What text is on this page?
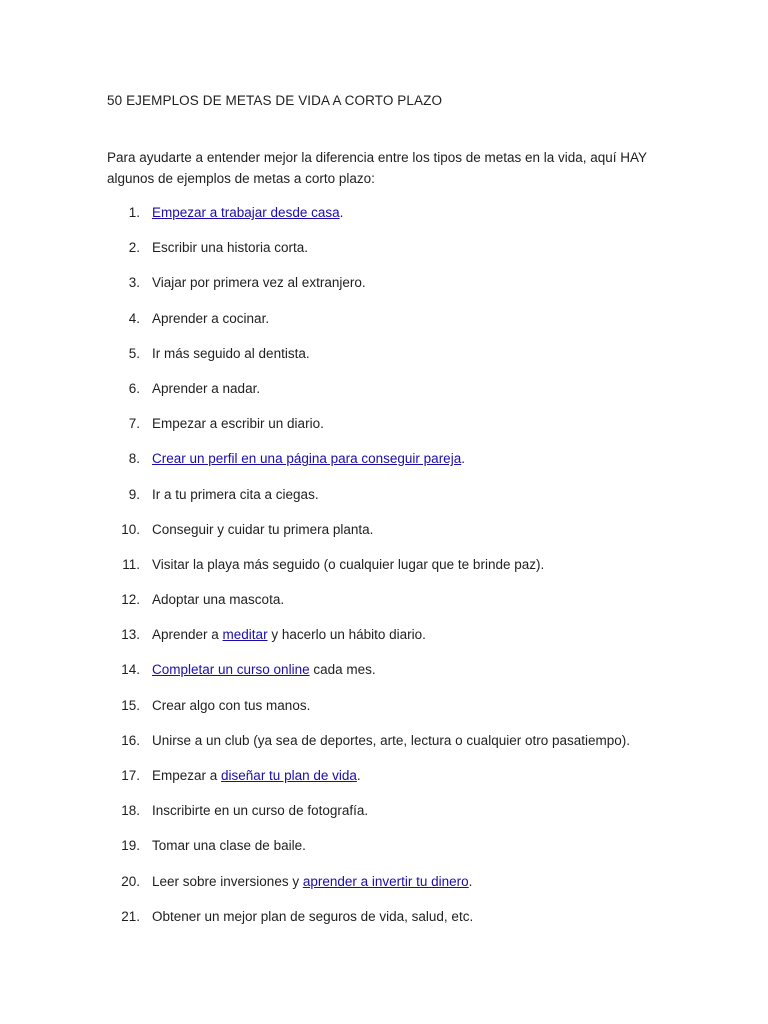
50 EJEMPLOS DE METAS DE VIDA A CORTO PLAZO
Para ayudarte a entender mejor la diferencia entre los tipos de metas en la vida, aquí HAY algunos de ejemplos de metas a corto plazo:
1. Empezar a trabajar desde casa.
2. Escribir una historia corta.
3. Viajar por primera vez al extranjero.
4. Aprender a cocinar.
5. Ir más seguido al dentista.
6. Aprender a nadar.
7. Empezar a escribir un diario.
8. Crear un perfil en una página para conseguir pareja.
9. Ir a tu primera cita a ciegas.
10. Conseguir y cuidar tu primera planta.
11. Visitar la playa más seguido (o cualquier lugar que te brinde paz).
12. Adoptar una mascota.
13. Aprender a meditar y hacerlo un hábito diario.
14. Completar un curso online cada mes.
15. Crear algo con tus manos.
16. Unirse a un club (ya sea de deportes, arte, lectura o cualquier otro pasatiempo).
17. Empezar a diseñar tu plan de vida.
18. Inscribirte en un curso de fotografía.
19. Tomar una clase de baile.
20. Leer sobre inversiones y aprender a invertir tu dinero.
21. Obtener un mejor plan de seguros de vida, salud, etc.
